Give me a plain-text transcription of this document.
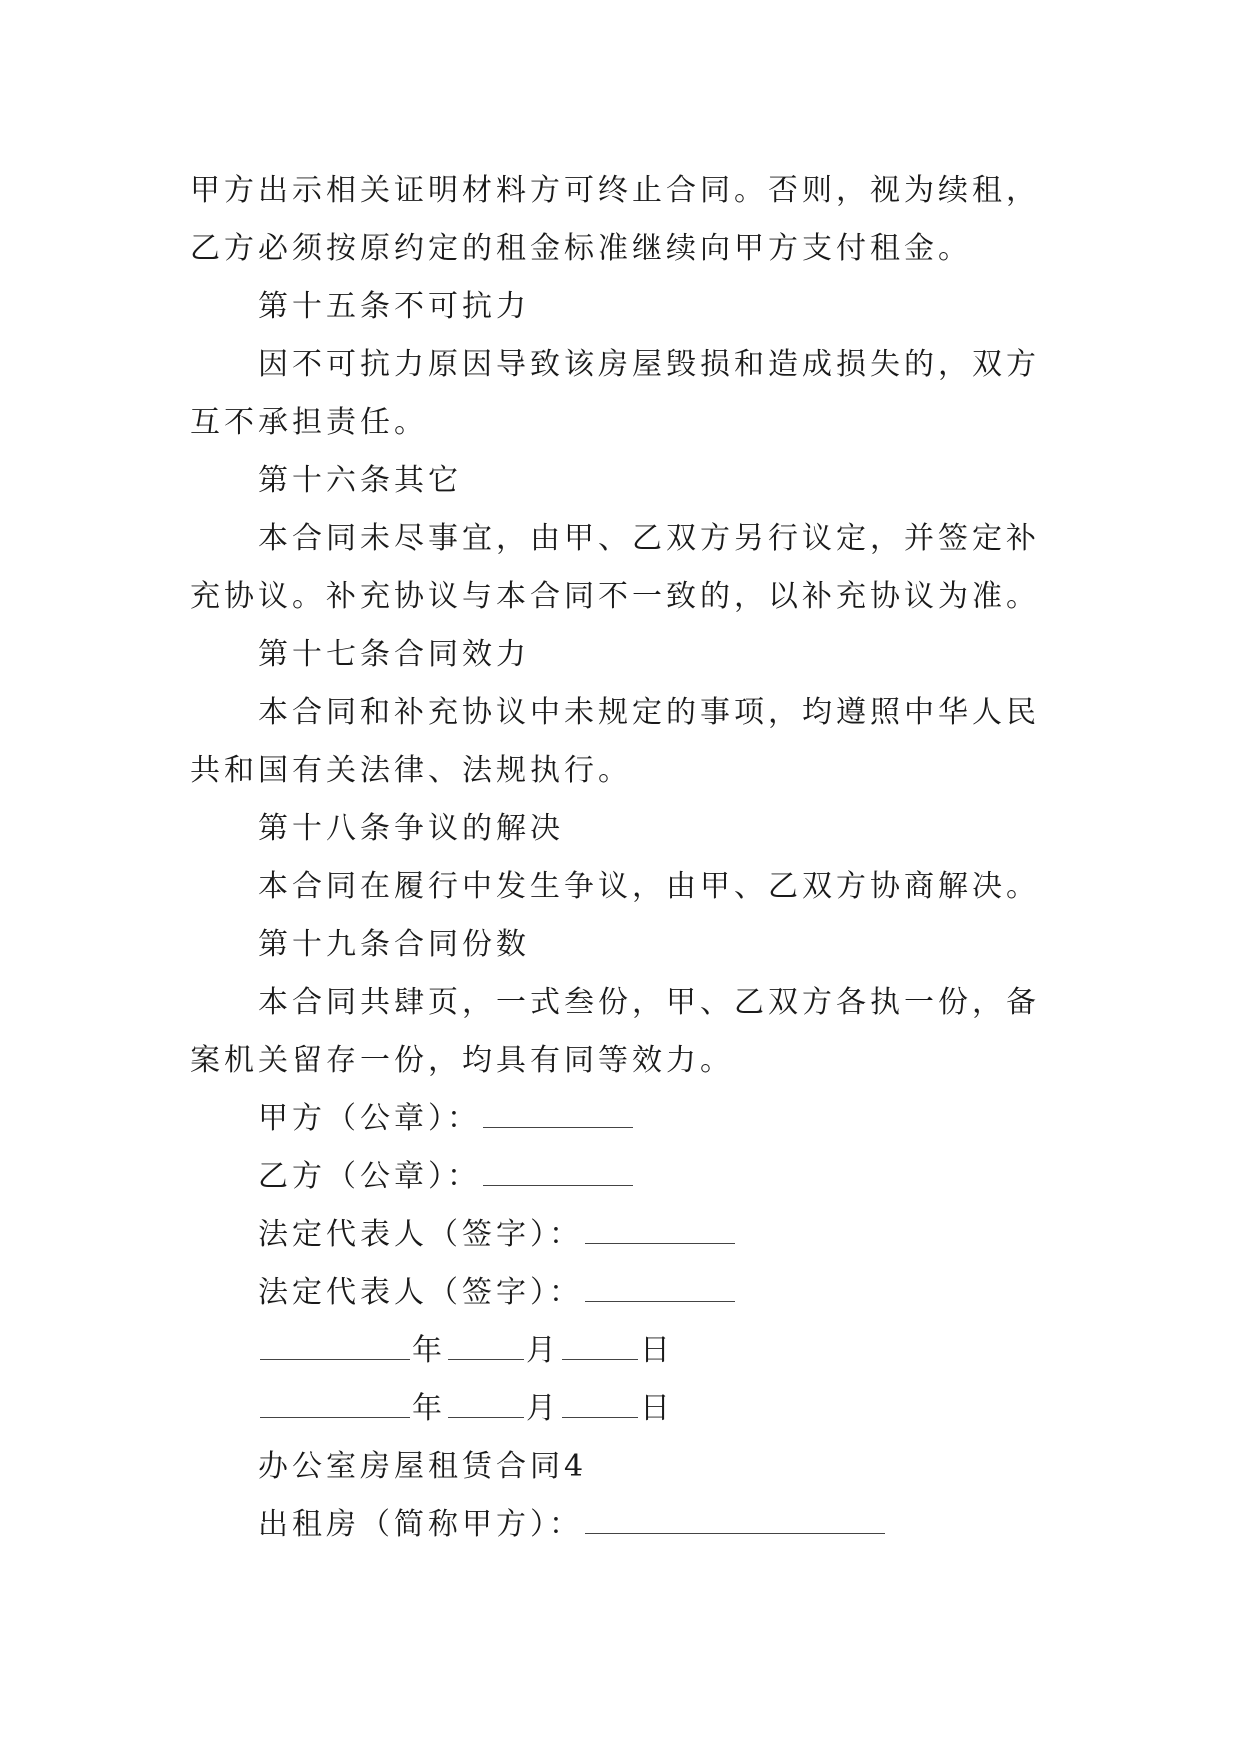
甲方出示相关证明材料方可终止合同。否则，视为续租，乙方必须按原约定的租金标准继续向甲方支付租金。

第十五条不可抗力

因不可抗力原因导致该房屋毁损和造成损失的，双方互不承担责任。

第十六条其它

本合同未尽事宜，由甲、乙双方另行议定，并签定补充协议。补充协议与本合同不一致的，以补充协议为准。

第十七条合同效力

本合同和补充协议中未规定的事项，均遵照中华人民共和国有关法律、法规执行。

第十八条争议的解决

本合同在履行中发生争议，由甲、乙双方协商解决。

第十九条合同份数

本合同共肆页，一式叁份，甲、乙双方各执一份，备案机关留存一份，均具有同等效力。

甲方（公章）：

乙方（公章）：

法定代表人（签字）：

法定代表人（签字）：

年	月	日

年	月	日

办公室房屋租赁合同4

出租房（简称甲方）：
